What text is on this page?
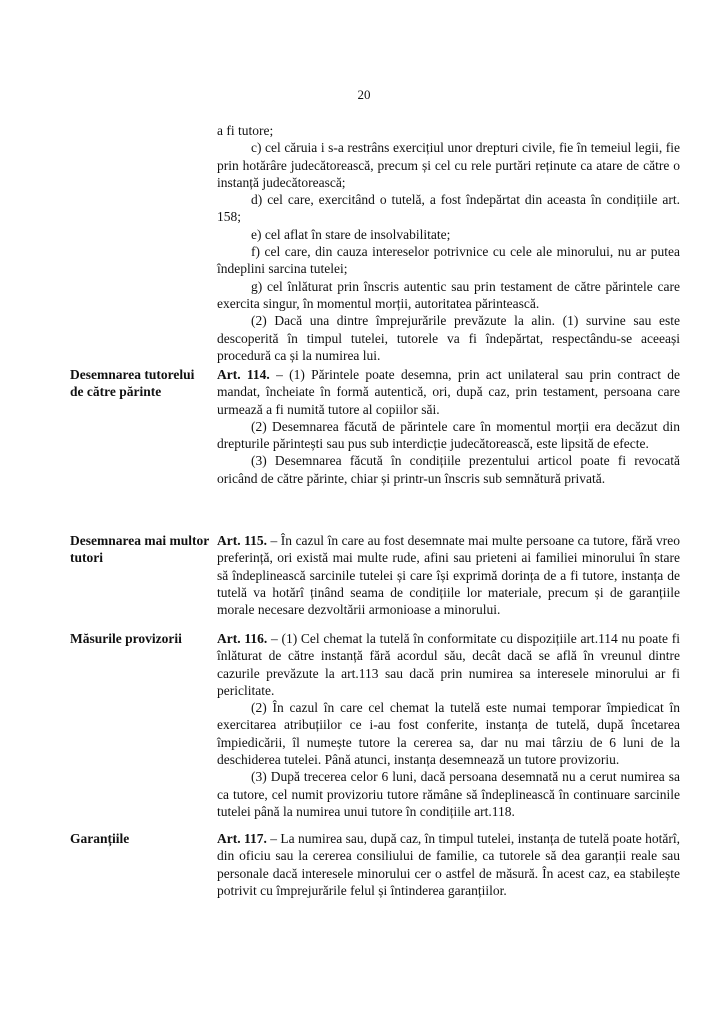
20

a fi tutore;

c) cel căruia i s-a restrâns exercițiul unor drepturi civile, fie în temeiul legii, fie prin hotărâre judecătorească, precum și cel cu rele purtări reținute ca atare de către o instanță judecătorească;

d) cel care, exercitând o tutelă, a fost îndepărtat din aceasta în condițiile art. 158;

e) cel aflat în stare de insolvabilitate;

f) cel care, din cauza intereselor potrivnice cu cele ale minorului, nu ar putea îndeplini sarcina tutelei;

g) cel înlăturat prin înscris autentic sau prin testament de către părintele care exercita singur, în momentul morții, autoritatea părintească.

(2) Dacă una dintre împrejurările prevăzute la alin. (1) survine sau este descoperită în timpul tutelei, tutorele va fi îndepărtat, respectându-se aceeași procedură ca și la numirea lui.

Desemnarea tutorelui de către părinte

Art. 114. – (1) Părintele poate desemna, prin act unilateral sau prin contract de mandat, încheiate în formă autentică, ori, după caz, prin testament, persoana care urmează a fi numită tutore al copiilor săi.

(2) Desemnarea făcută de părintele care în momentul morții era decăzut din drepturile părintești sau pus sub interdicție judecătorească, este lipsită de efecte.

(3) Desemnarea făcută în condițiile prezentului articol poate fi revocată oricând de către părinte, chiar și printr-un înscris sub semnătură privată.

Desemnarea mai multor tutori

Art. 115. – În cazul în care au fost desemnate mai multe persoane ca tutore, fără vreo preferință, ori există mai multe rude, afini sau prieteni ai familiei minorului în stare să îndeplinească sarcinile tutelei și care își exprimă dorința de a fi tutore, instanța de tutelă va hotărî ținând seama de condițiile lor materiale, precum și de garanțiile morale necesare dezvoltării armonioase a minorului.

Măsurile provizorii	Art. 116. – (1) Cel chemat la tutelă în conformitate cu dispozițiile art.114 nu poate fi înlăturat de către instanță fără acordul său, decât dacă se află în vreunul dintre cazurile prevăzute la art.113 sau dacă prin numirea sa interesele minorului ar fi periclitate.

(2) În cazul în care cel chemat la tutelă este numai temporar împiedicat în exercitarea atribuțiilor ce i-au fost conferite, instanța de tutelă, după încetarea împiedicării, îl numește tutore la cererea sa, dar nu mai târziu de 6 luni de la deschiderea tutelei. Până atunci, instanța desemnează un tutore provizoriu.

(3) După trecerea celor 6 luni, dacă persoana desemnată nu a cerut numirea sa ca tutore, cel numit provizoriu tutore rămâne să îndeplinească în continuare sarcinile tutelei până la numirea unui tutore în condițiile art.118.

Garanțiile	Art. 117. – La numirea sau, după caz, în timpul tutelei, instanța de tutelă poate hotărî, din oficiu sau la cererea consiliului de familie, ca tutorele să dea garanții reale sau personale dacă interesele minorului cer o astfel de măsură. În acest caz, ea stabilește potrivit cu împrejurările felul și întinderea garanțiilor.
